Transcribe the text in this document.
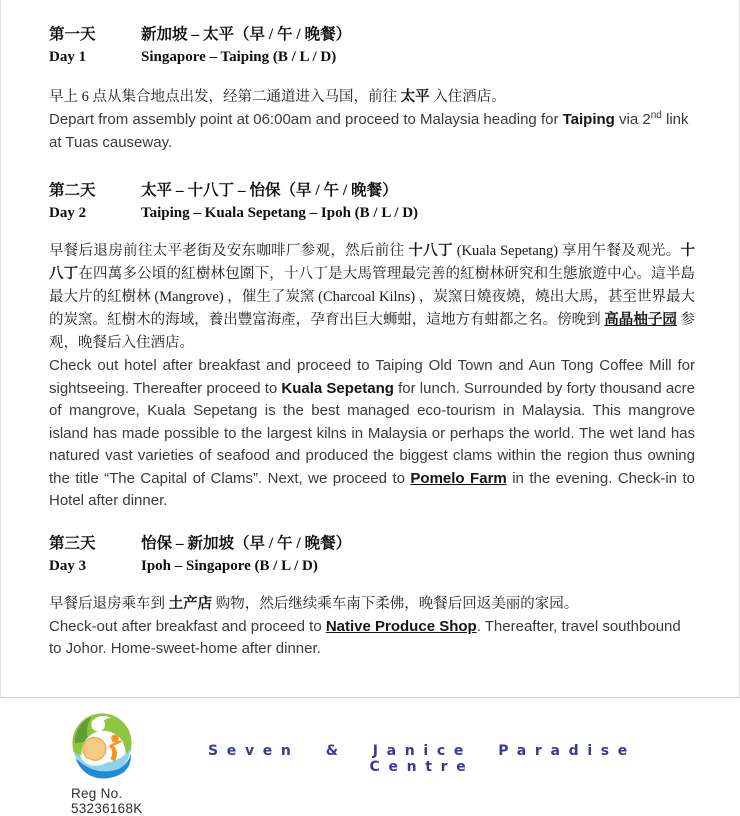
第一天	新加坡 – 太平（早 / 午 / 晚餐）
Day 1	Singapore – Taiping (B / L / D)

早上 6 点从集合地点出发，经第二通道进入马国，前往 太平 入住酒店。

Depart from assembly point at 06:00am and proceed to Malaysia heading for Taiping via 2nd link at Tuas causeway.

第二天	太平 – 十八丁 – 怡保（早 / 午 / 晚餐）
Day 2	Taiping – Kuala Sepetang – Ipoh (B / L / D)

早餐后退房前往太平老街及安东咖啡厂参观，然后前往 十八丁 (Kuala Sepetang) 享用午餐及观光。十八丁在四萬多公頃的紅樹林包圍下，十八丁是大馬管理最完善的紅樹林研究和生態旅遊中心。這半島最大片的紅樹林 (Mangrove) ，催生了炭窯 (Charcoal Kilns) ，炭窯日燒夜燒，燒出大馬，甚至世界最大的炭窯。紅樹木的海域，養出豐富海產，孕育出巨大蛳蚶，這地方有蚶都之名。傍晚到 高晶柚子园 参观，晚餐后入住酒店。

Check out hotel after breakfast and proceed to Taiping Old Town and Aun Tong Coffee Mill for sightseeing. Thereafter proceed to Kuala Sepetang for lunch. Surrounded by forty thousand acre of mangrove, Kuala Sepetang is the best managed eco-tourism in Malaysia. This mangrove island has made possible to the largest kilns in Malaysia or perhaps the world. The wet land has natured vast varieties of seafood and produced the biggest clams within the region thus owning the title “The Capital of Clams”. Next, we proceed to Pomelo Farm in the evening. Check-in to Hotel after dinner.

第三天	怡保 – 新加坡（早 / 午 / 晚餐）
Day 3	Ipoh – Singapore (B / L / D)

早餐后退房乘车到 土产店 购物，然后继续乘车南下柔佛，晚餐后回返美丽的家园。

Check-out after breakfast and proceed to Native Produce Shop. Thereafter, travel southbound to Johor. Home-sweet-home after dinner.

Reg No. 53236168K
Seven & Janice Paradise Centre
